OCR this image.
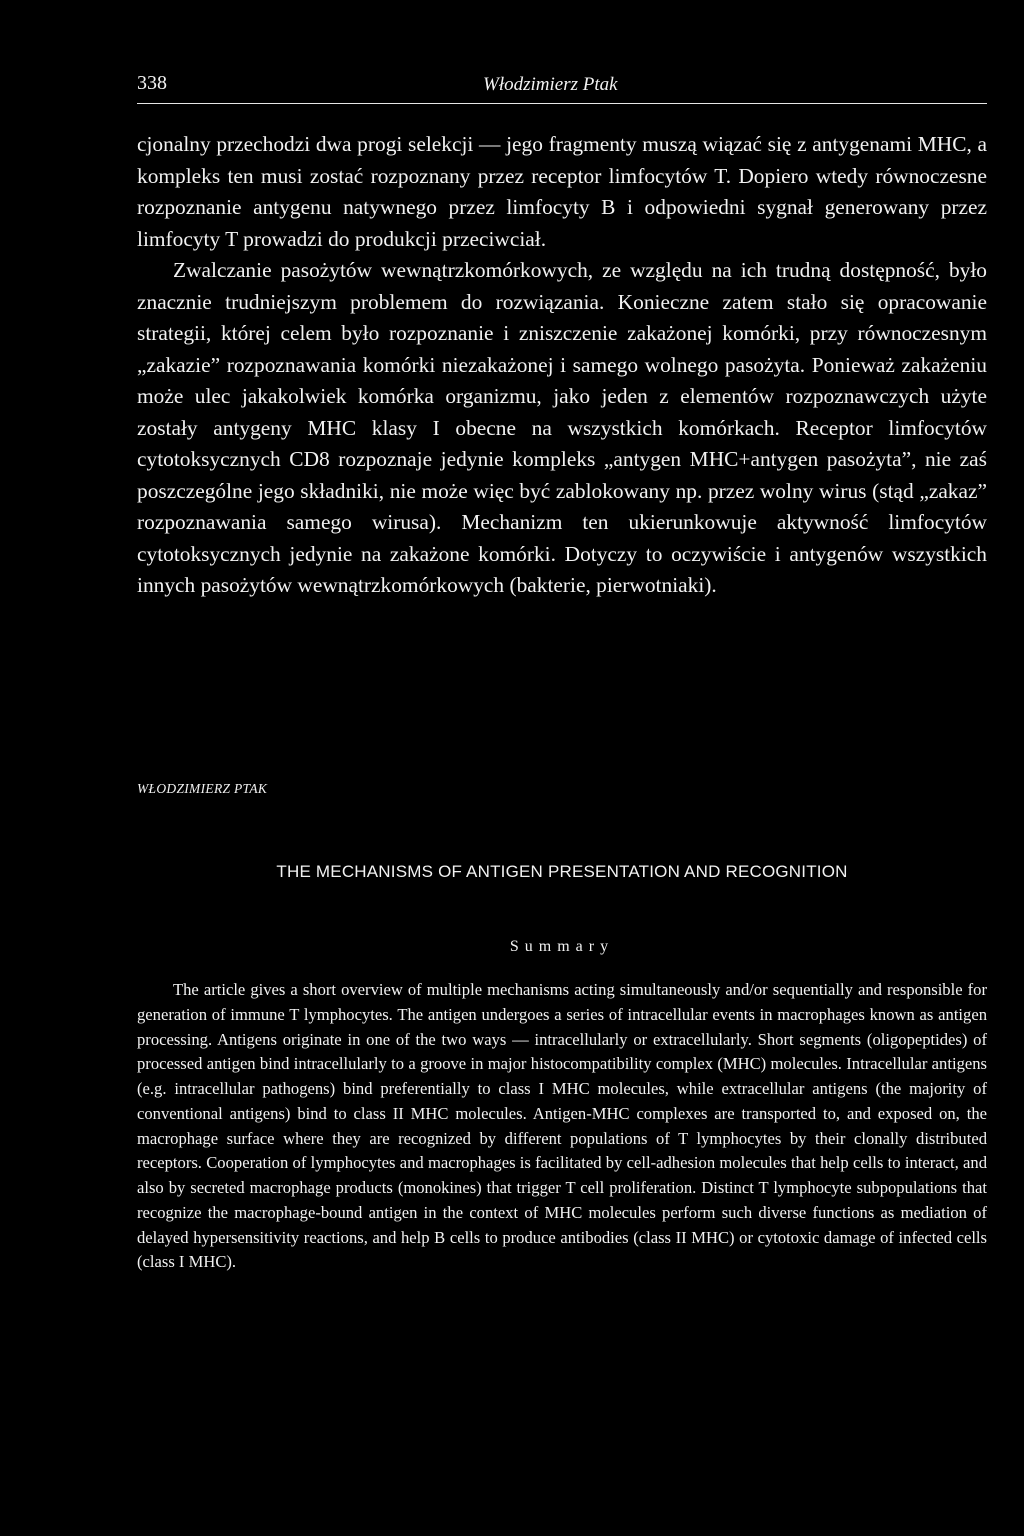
338	Włodzimierz Ptak

cjonalny przechodzi dwa progi selekcji — jego fragmenty muszą wiązać się z antygenami MHC, a kompleks ten musi zostać rozpoznany przez receptor limfocytów T. Dopiero wtedy równoczesne rozpoznanie antygenu natywnego przez limfocyty B i odpowiedni sygnał generowany przez limfocyty T prowadzi do produkcji przeciwciał.

Zwalczanie pasożytów wewnątrzkomórkowych, ze względu na ich trudną dostępność, było znacznie trudniejszym problemem do rozwiązania. Konieczne zatem stało się opracowanie strategii, której celem było rozpoznanie i zniszczenie zakażonej komórki, przy równoczesnym „zakazie” rozpoznawania komórki niezakażonej i samego wolnego pasożyta. Ponieważ zakażeniu może ulec jakakolwiek komórka organizmu, jako jeden z elementów rozpoznawczych użyte zostały antygeny MHC klasy I obecne na wszystkich komórkach. Receptor limfocytów cytotoksycznych CD8 rozpoznaje jedynie kompleks „antygen MHC+antygen pasożyta”, nie zaś poszczególne jego składniki, nie może więc być zablokowany np. przez wolny wirus (stąd „zakaz” rozpoznawania samego wirusa). Mechanizm ten ukierunkowuje aktywność limfocytów cytotoksycznych jedynie na zakażone komórki. Dotyczy to oczywiście i antygenów wszystkich innych pasożytów wewnątrzkomórkowych (bakterie, pierwotniaki).

WŁODZIMIERZ PTAK
THE MECHANISMS OF ANTIGEN PRESENTATION AND RECOGNITION
Summary

The article gives a short overview of multiple mechanisms acting simultaneously and/or sequentially and responsible for generation of immune T lymphocytes. The antigen undergoes a series of intracellular events in macrophages known as antigen processing. Antigens originate in one of the two ways — intracellularly or extracellularly. Short segments (oligopeptides) of processed antigen bind intracellularly to a groove in major histocompatibility complex (MHC) molecules. Intracellular antigens (e.g. intracellular pathogens) bind preferentially to class I MHC molecules, while extracellular antigens (the majority of conventional antigens) bind to class II MHC molecules. Antigen-MHC complexes are transported to, and exposed on, the macrophage surface where they are recognized by different populations of T lymphocytes by their clonally distributed receptors. Cooperation of lymphocytes and macrophages is facilitated by cell-adhesion molecules that help cells to interact, and also by secreted macrophage products (monokines) that trigger T cell proliferation. Distinct T lymphocyte subpopulations that recognize the macrophage-bound antigen in the context of MHC molecules perform such diverse functions as mediation of delayed hypersensitivity reactions, and help B cells to produce antibodies (class II MHC) or cytotoxic damage of infected cells (class I MHC).
